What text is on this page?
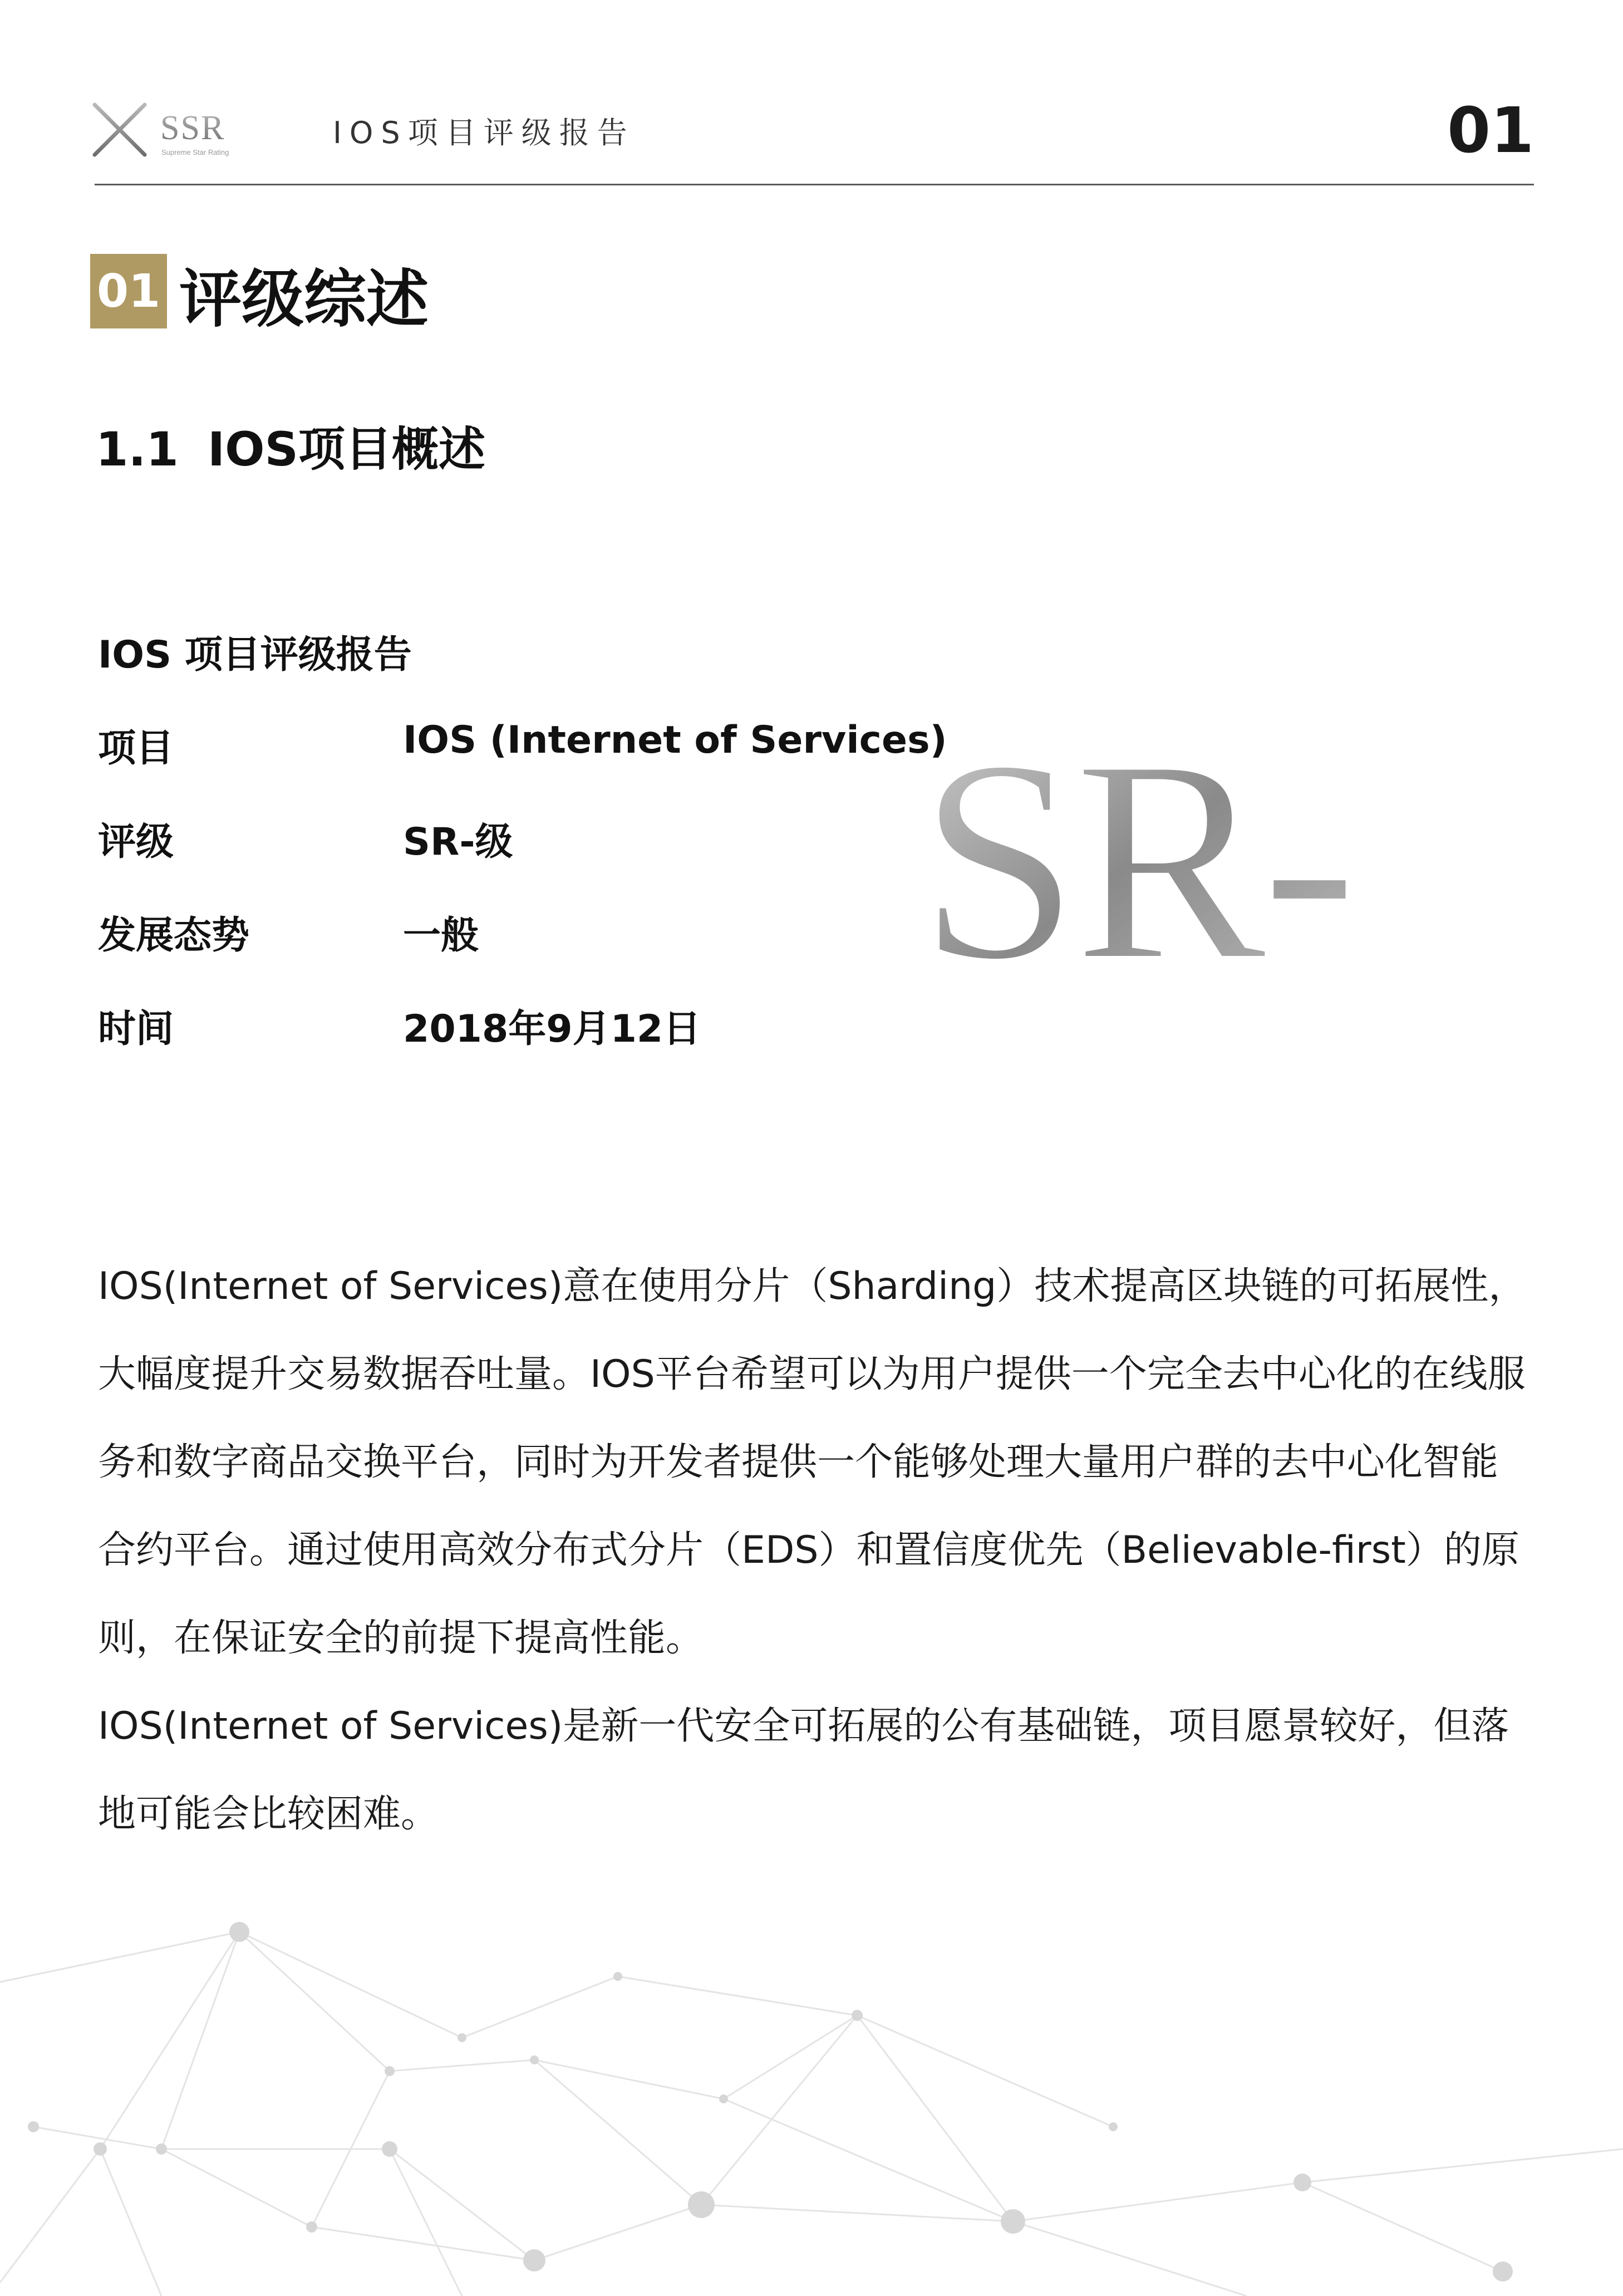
SSR
Supreme Star Rating
IOS项目评级报告	01
01 评级综述
1.1 IOS项目概述
IOS 项目评级报告
项目	IOS (Internet of Services)
评级	SR-级
发展态势	一般
时间	2018年9月12日
SR-

IOS(Internet of Services)意在使用分片（Sharding）技术提高区块链的可拓展性，大幅度提升交易数据吞吐量。IOS平台希望可以为用户提供一个完全去中心化的在线服务和数字商品交换平台，同时为开发者提供一个能够处理大量用户群的去中心化智能合约平台。通过使用高效分布式分片（EDS）和置信度优先（Believable-first）的原则，在保证安全的前提下提高性能。

IOS(Internet of Services)是新一代安全可拓展的公有基础链，项目愿景较好，但落地可能会比较困难。
